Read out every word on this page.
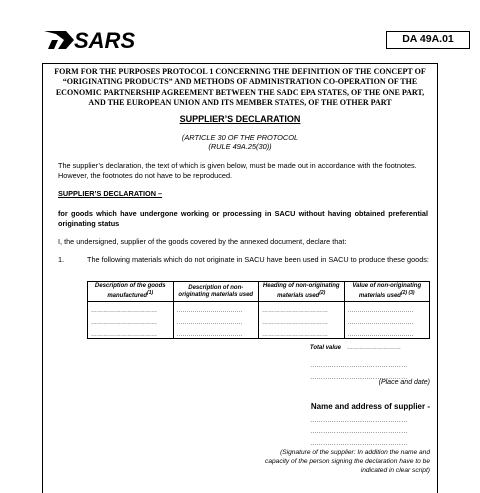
SARS	DA 49A.01
FORM FOR THE PURPOSES PROTOCOL 1 CONCERNING THE DEFINITION OF THE CONCEPT OF “ORIGINATING PRODUCTS” AND METHODS OF ADMINISTRATION CO-OPERATION OF THE ECONOMIC PARTNERSHIP AGREEMENT BETWEEN THE SADC EPA STATES, OF THE ONE PART, AND THE EUROPEAN UNION AND ITS MEMBER STATES, OF THE OTHER PART
SUPPLIER’S DECLARATION
(ARTICLE 30 OF THE PROTOCOL
(RULE 49A.25(30))
The supplier’s declaration, the text of which is given below, must be made out in accordance with the footnotes. However, the footnotes do not have to be reproduced.
SUPPLIER’S DECLARATION –
for goods which have undergone working or processing in SACU without having obtained preferential originating status
I, the undersigned, supplier of the goods covered by the annexed document, declare that:
1.	The following materials which do not originate in SACU have been used in SACU to produce these goods:
Description of the goods manufactured$^{(1)}$	Description of non-originating materials used	Heading of non-originating materials used$^{(2)}$	Value of non-originating materials used$^{(2) (3)}$
……………………………	……………………………	……………………………	……………………………
……………………………	……………………………	……………………………	……………………………
……………………………	……………………………	……………………………	……………………………
		Total value	………………………
………………………………………
………………………………………
(Place and date)
Name and address of supplier -
………………………………………
………………………………………
………………………………………
(Signature of the supplier: In addition the name and capacity of the person signing the declaration have to be indicated in clear script)
